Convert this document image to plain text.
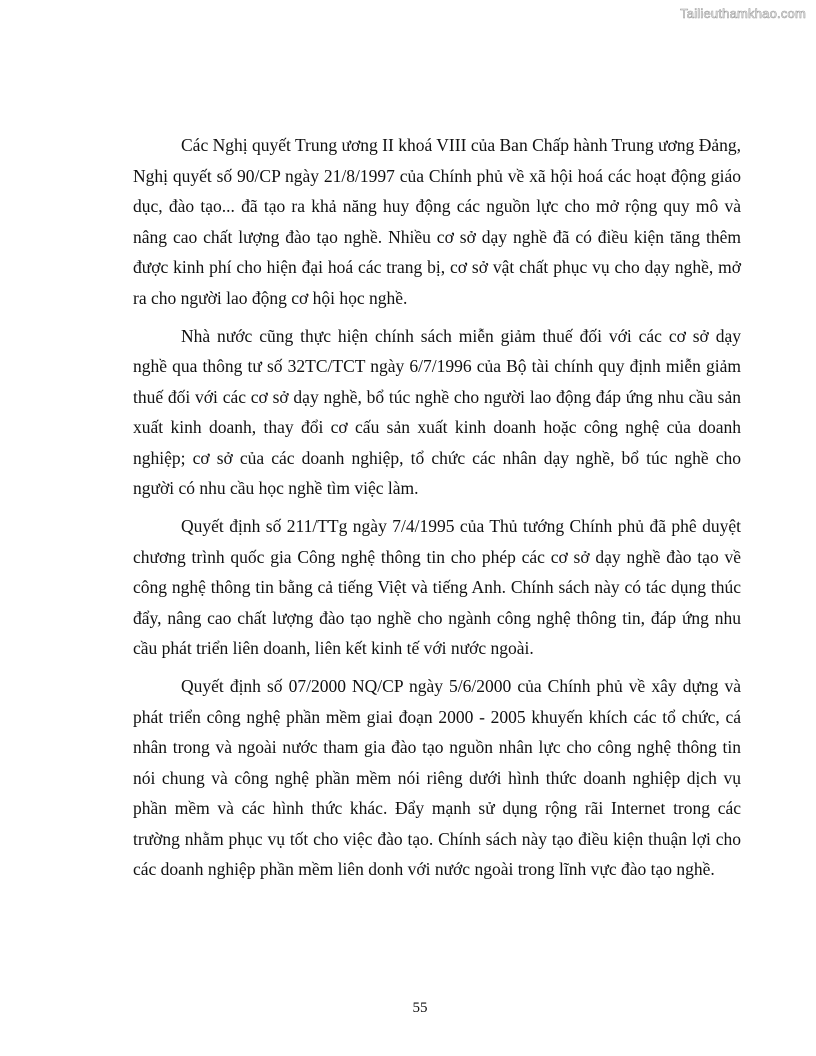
Tailieuthamkhao.com

Các Nghị quyết Trung ương II khoá VIII của Ban Chấp hành Trung ương Đảng, Nghị quyết số 90/CP ngày 21/8/1997 của Chính phủ về xã hội hoá các hoạt động giáo dục, đào tạo... đã tạo ra khả năng huy động các nguồn lực cho mở rộng quy mô và nâng cao chất lượng đào tạo nghề. Nhiều cơ sở dạy nghề đã có điều kiện tăng thêm được kinh phí cho hiện đại hoá các trang bị, cơ sở vật chất phục vụ cho dạy nghề, mở ra cho người lao động cơ hội học nghề.

Nhà nước cũng thực hiện chính sách miễn giảm thuế đối với các cơ sở dạy nghề qua thông tư số 32TC/TCT ngày 6/7/1996 của Bộ tài chính quy định miễn giảm thuế đối với các cơ sở dạy nghề, bổ túc nghề cho người lao động đáp ứng nhu cầu sản xuất kinh doanh, thay đổi cơ cấu sản xuất kinh doanh hoặc công nghệ của doanh nghiệp; cơ sở của các doanh nghiệp, tổ chức các nhân dạy nghề, bổ túc nghề cho người có nhu cầu học nghề tìm việc làm.

Quyết định số 211/TTg ngày 7/4/1995 của Thủ tướng Chính phủ đã phê duyệt chương trình quốc gia Công nghệ thông tin cho phép các cơ sở dạy nghề đào tạo về công nghệ thông tin bằng cả tiếng Việt và tiếng Anh. Chính sách này có tác dụng thúc đẩy, nâng cao chất lượng đào tạo nghề cho ngành công nghệ thông tin, đáp ứng nhu cầu phát triển liên doanh, liên kết kinh tế với nước ngoài.

Quyết định số 07/2000 NQ/CP ngày 5/6/2000 của Chính phủ về xây dựng và phát triển công nghệ phần mềm giai đoạn 2000 - 2005 khuyến khích các tổ chức, cá nhân trong và ngoài nước tham gia đào tạo nguồn nhân lực cho công nghệ thông tin nói chung và công nghệ phần mềm nói riêng dưới hình thức doanh nghiệp dịch vụ phần mềm và các hình thức khác. Đẩy mạnh sử dụng rộng rãi Internet trong các trường nhằm phục vụ tốt cho việc đào tạo. Chính sách này tạo điều kiện thuận lợi cho các doanh nghiệp phần mềm liên donh với nước ngoài trong lĩnh vực đào tạo nghề.

55
